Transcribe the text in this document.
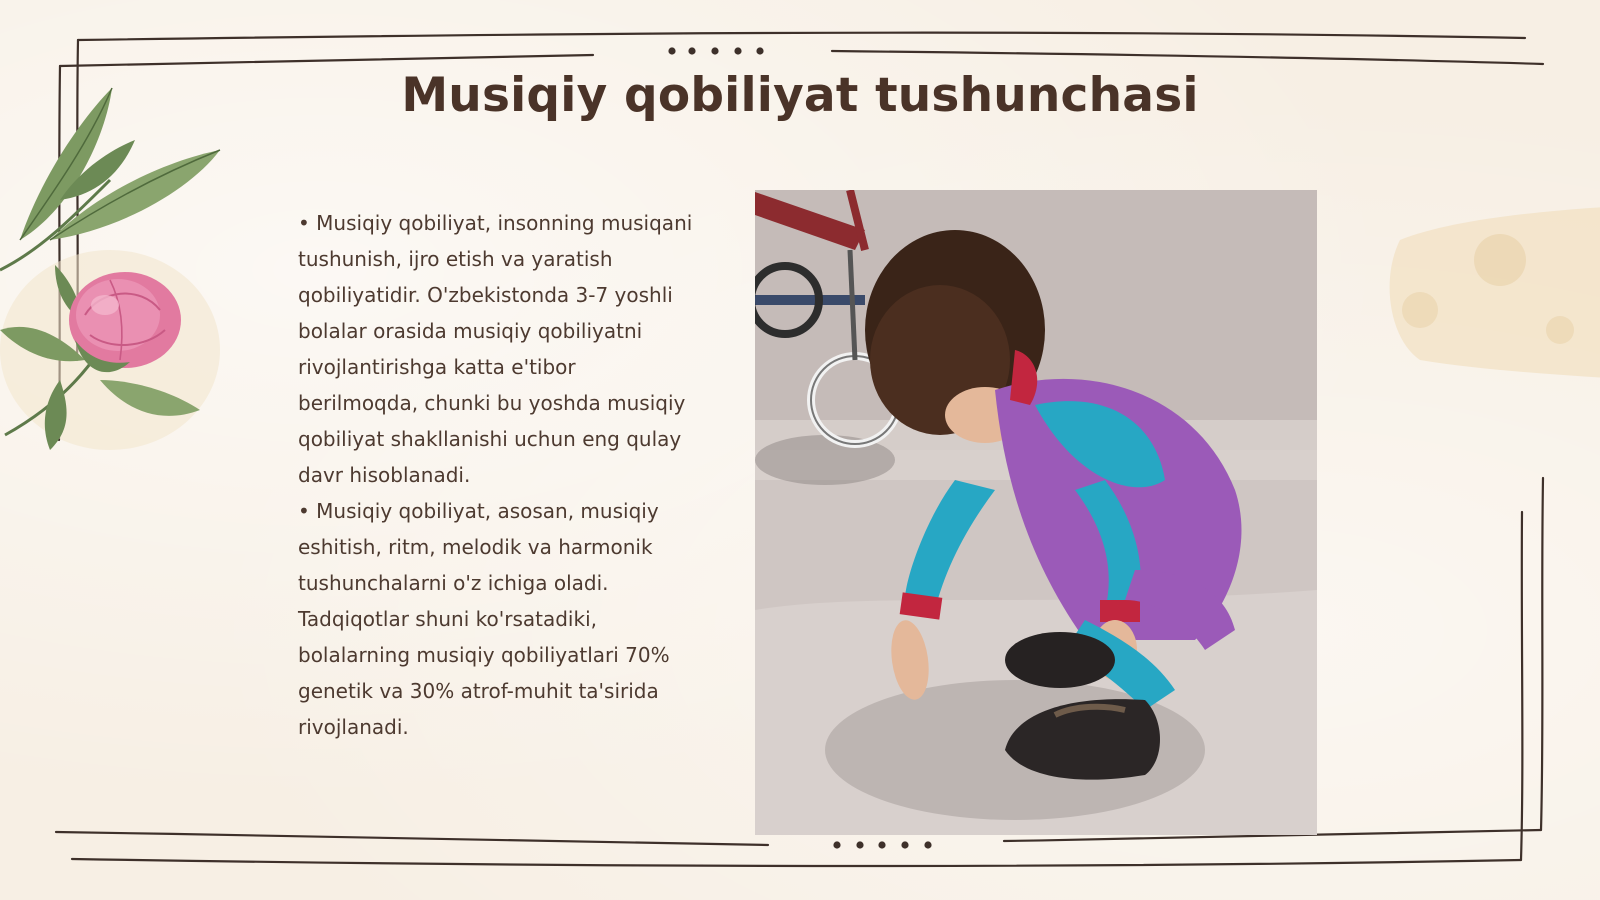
Musiqiy qobiliyat tushunchasi

• Musiqiy qobiliyat, insonning musiqani tushunish, ijro etish va yaratish qobiliyatidir. O'zbekistonda 3-7 yoshli bolalar orasida musiqiy qobiliyatni rivojlantirishga katta e'tibor berilmoqda, chunki bu yoshda musiqiy qobiliyat shakllanishi uchun eng qulay davr hisoblanadi.

• Musiqiy qobiliyat, asosan, musiqiy eshitish, ritm, melodik va harmonik tushunchalarni o'z ichiga oladi. Tadqiqotlar shuni ko'rsatadiki, bolalarning musiqiy qobiliyatlari 70% genetik va 30% atrof-muhit ta'sirida rivojlanadi.
